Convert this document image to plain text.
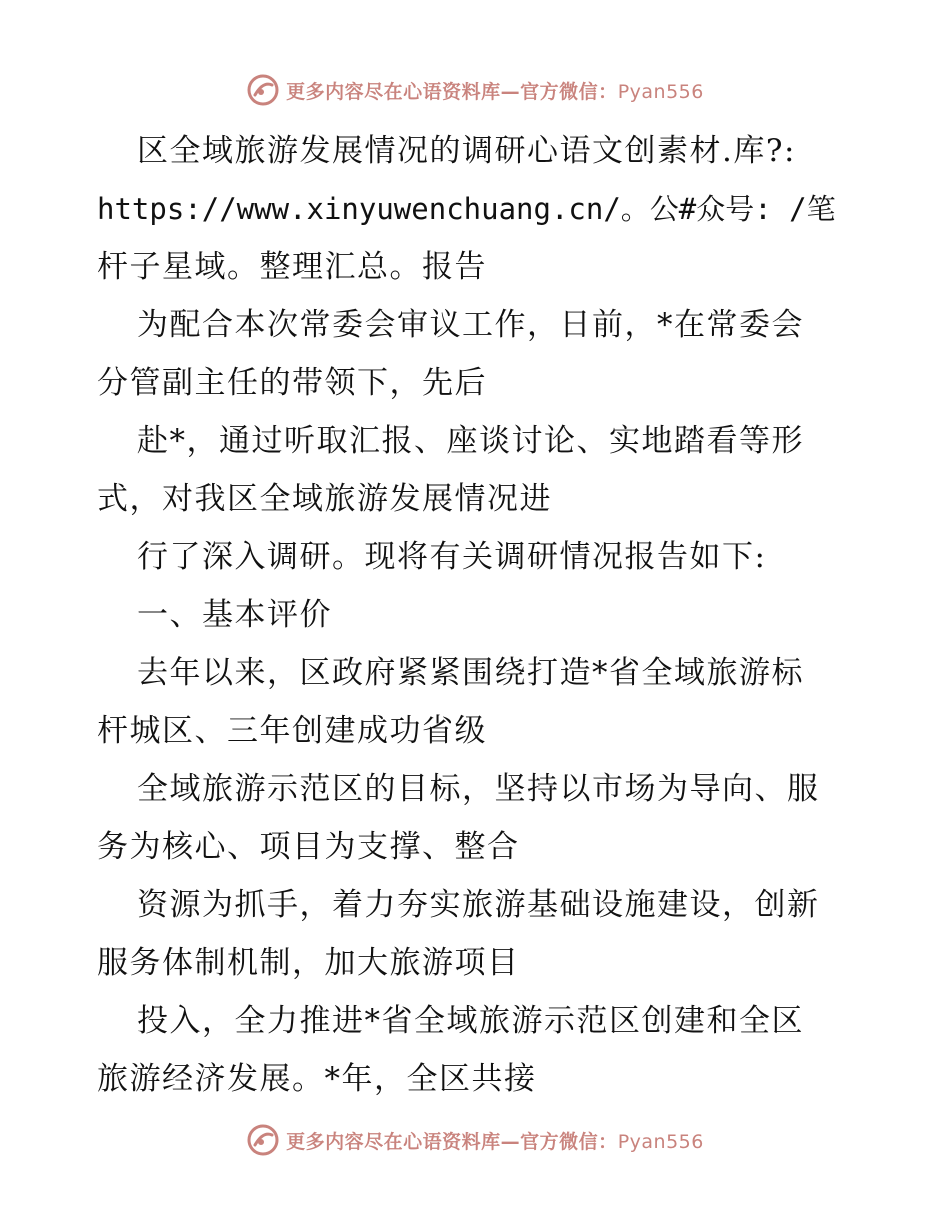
更多内容尽在心语资料库—官方微信：Pyan556
区全域旅游发展情况的调研心语文创素材.库?:
https://www.xinyuwenchuang.cn/。公#众号: /笔
杆子星域。整理汇总。报告
为配合本次常委会审议工作，日前，*在常委会
分管副主任的带领下，先后
赴*，通过听取汇报、座谈讨论、实地踏看等形
式，对我区全域旅游发展情况进
行了深入调研。现将有关调研情况报告如下:
一、基本评价
去年以来，区政府紧紧围绕打造*省全域旅游标
杆城区、三年创建成功省级
全域旅游示范区的目标，坚持以市场为导向、服
务为核心、项目为支撑、整合
资源为抓手，着力夯实旅游基础设施建设，创新
服务体制机制，加大旅游项目
投入，全力推进*省全域旅游示范区创建和全区
旅游经济发展。*年，全区共接
更多内容尽在心语资料库—官方微信：Pyan556
